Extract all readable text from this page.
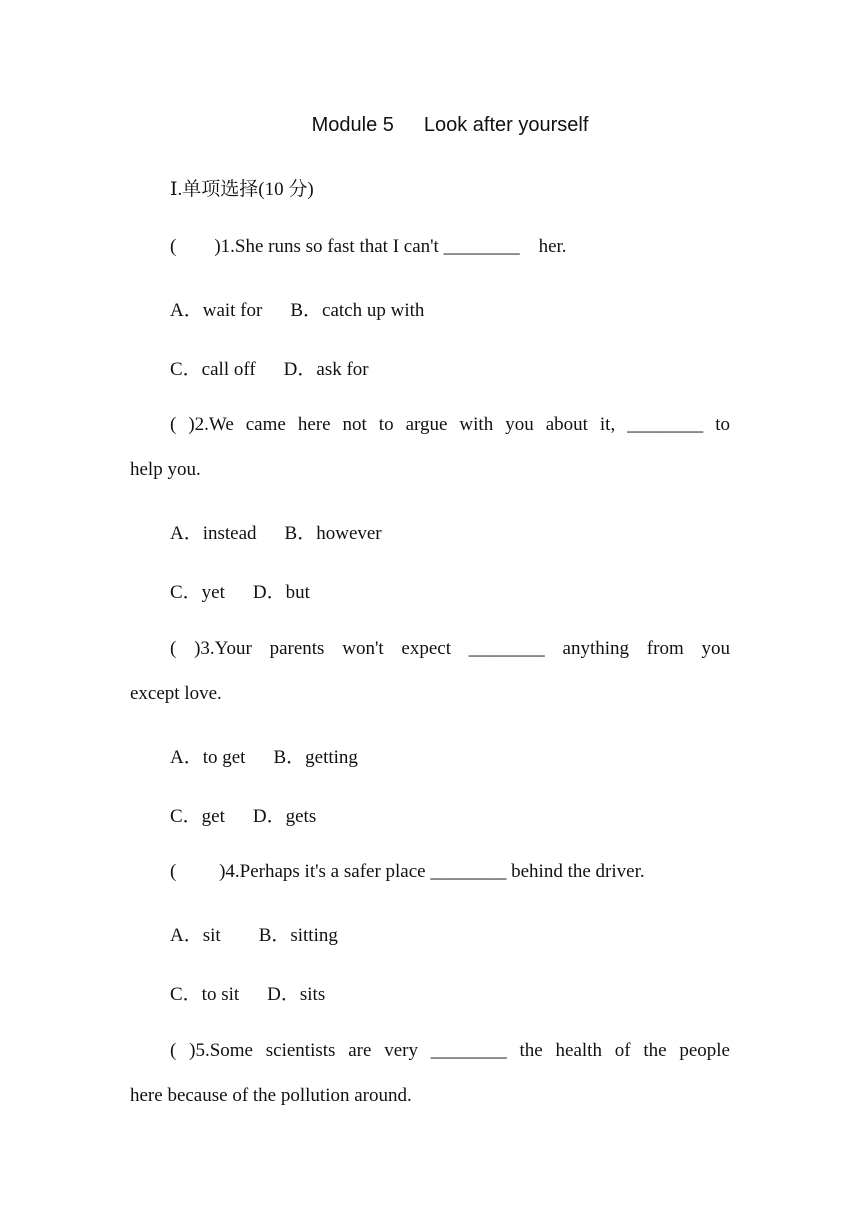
Module 5 Look after yourself
Ⅰ.单项选择(10 分)
(        )1.She runs so fast that I can't ________    her.
A．wait for B．catch up with
C．call off D．ask for
( )2.We came here not to argue with you about it, ________ to
help you.
A．instead B．however
C．yet D．but
( )3.Your parents won't expect ________ anything from you
except love.
A．to get B．getting
C．get D．gets
(         )4.Perhaps it's a safer place ________ behind the driver.
A．sit B．sitting
C．to sit D．sits
( )5.Some scientists are very ________ the health of the people
here because of the pollution around.
